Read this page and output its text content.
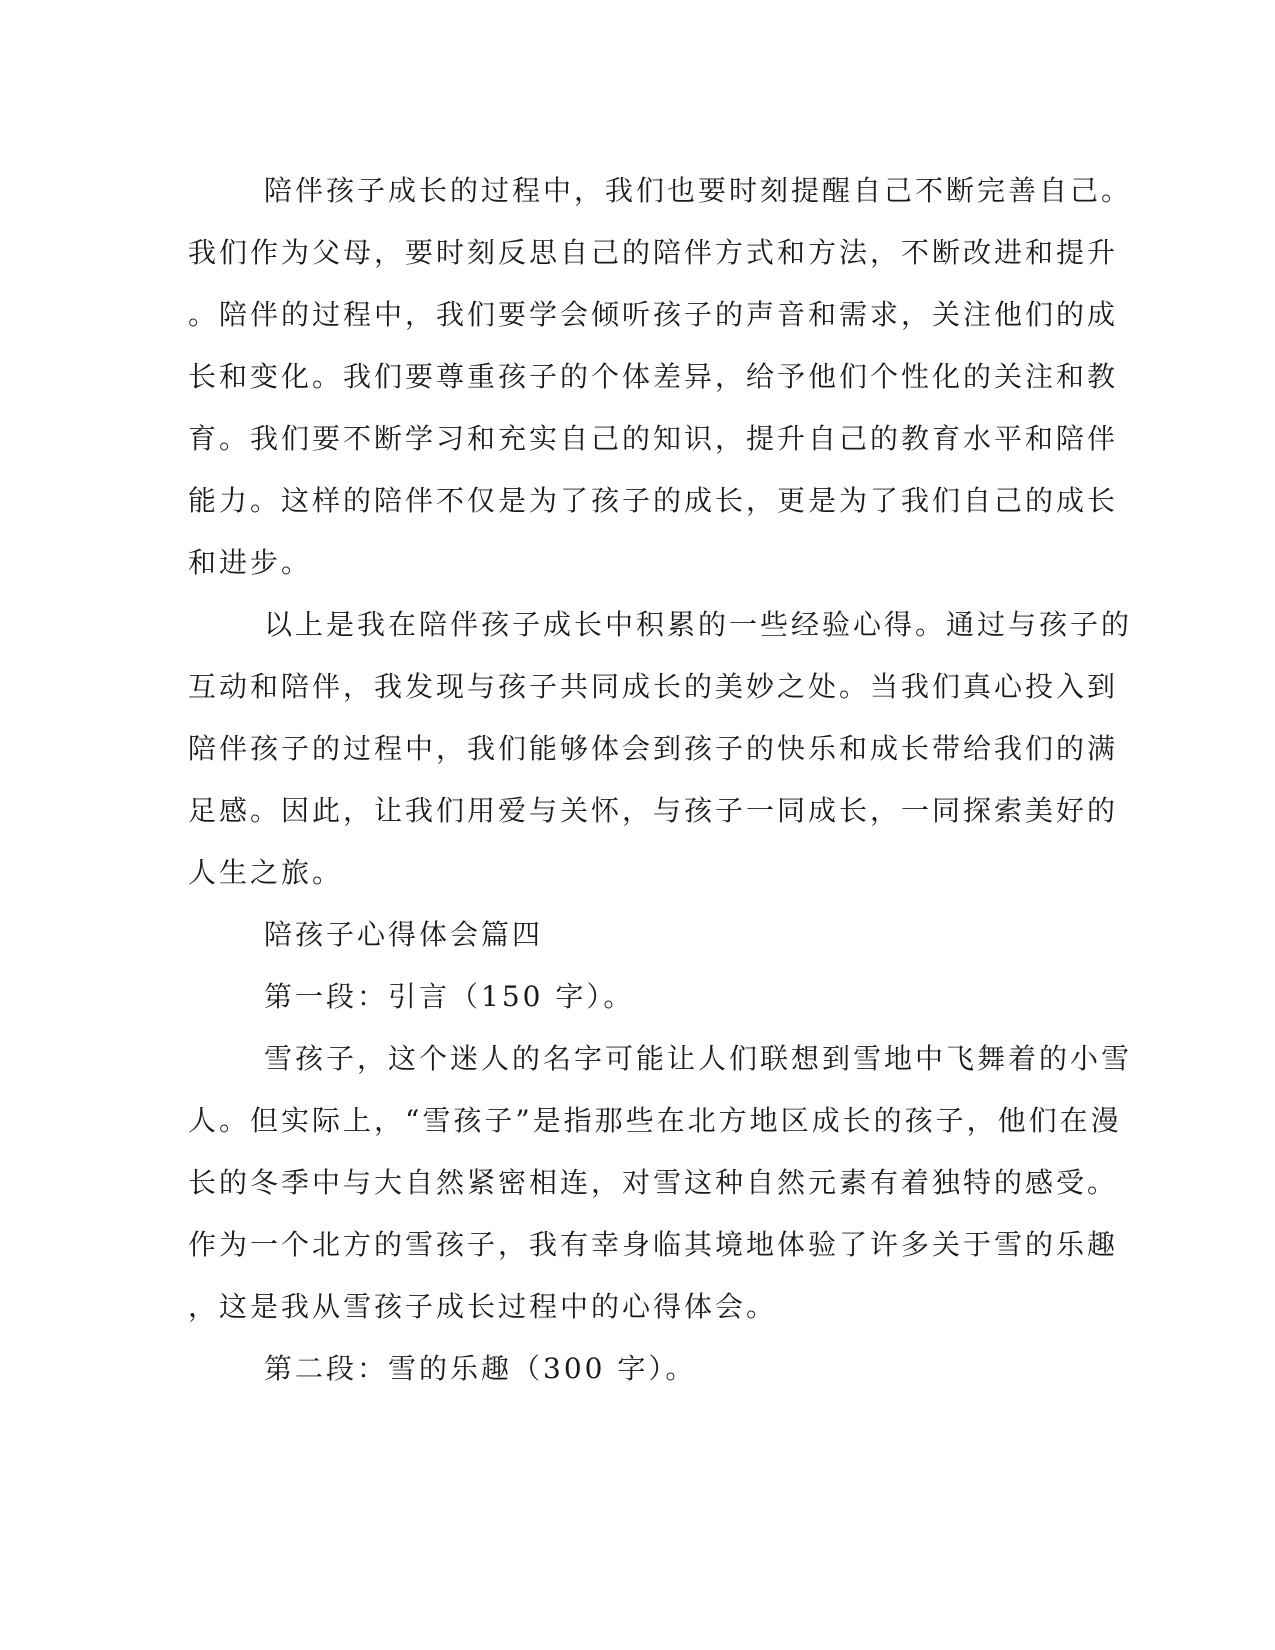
陪伴孩子成长的过程中，我们也要时刻提醒自己不断完善自己。
我们作为父母，要时刻反思自己的陪伴方式和方法，不断改进和提升
。陪伴的过程中，我们要学会倾听孩子的声音和需求，关注他们的成
长和变化。我们要尊重孩子的个体差异，给予他们个性化的关注和教
育。我们要不断学习和充实自己的知识，提升自己的教育水平和陪伴
能力。这样的陪伴不仅是为了孩子的成长，更是为了我们自己的成长
和进步。
以上是我在陪伴孩子成长中积累的一些经验心得。通过与孩子的
互动和陪伴，我发现与孩子共同成长的美妙之处。当我们真心投入到
陪伴孩子的过程中，我们能够体会到孩子的快乐和成长带给我们的满
足感。因此，让我们用爱与关怀，与孩子一同成长，一同探索美好的
人生之旅。
陪孩子心得体会篇四
第一段：引言（150 字）。
雪孩子，这个迷人的名字可能让人们联想到雪地中飞舞着的小雪
人。但实际上，“雪孩子”是指那些在北方地区成长的孩子，他们在漫
长的冬季中与大自然紧密相连，对雪这种自然元素有着独特的感受。
作为一个北方的雪孩子，我有幸身临其境地体验了许多关于雪的乐趣
，这是我从雪孩子成长过程中的心得体会。
第二段：雪的乐趣（300 字）。
